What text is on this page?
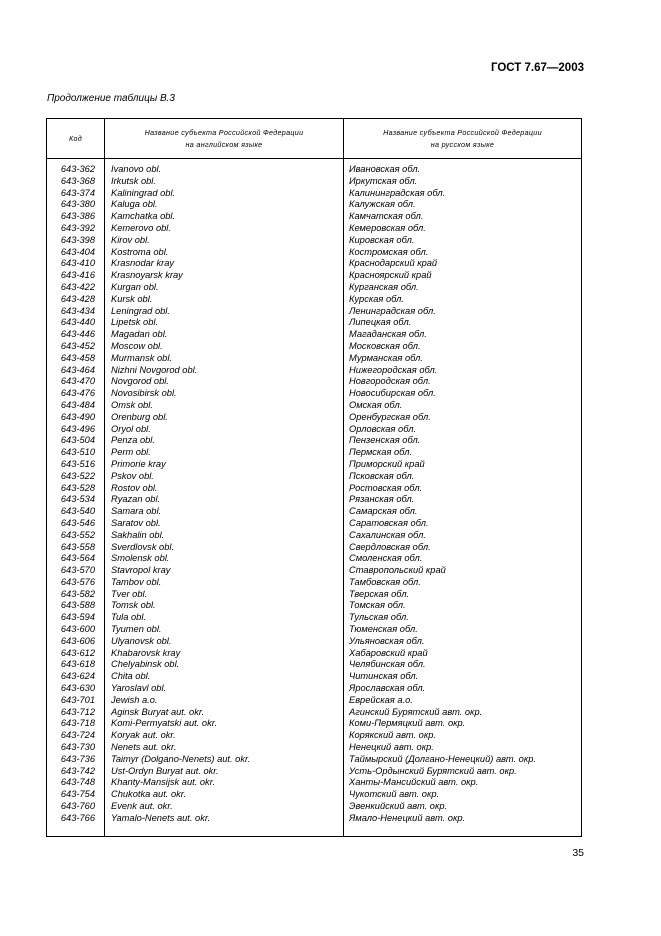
ГОСТ 7.67—2003
Продолжение таблицы В.3
Код
Название субъекта Российской Федерации
на английском языке
Название субъекта Российской Федерации
на русском языке
643-362 Ivanovo obl.	Ивановская обл.
643-368 Irkutsk obl.	Иркутская обл.
643-374 Kaliningrad obl.	Калининградская обл.
643-380 Kaluga obl.	Калужская обл.
643-386 Kamchatka obl.	Камчатская обл.
643-392 Kemerovo obl.	Кемеровская обл.
643-398 Kirov obl.	Кировская обл.
643-404 Kostroma obl.	Костромская обл.
643-410 Krasnodar kray	Краснодарский край
643-416 Krasnoyarsk kray	Красноярский край
643-422 Kurgan obl.	Курганская обл.
643-428 Kursk obl.	Курская обл.
643-434 Leningrad obl.	Ленинградская обл.
643-440 Lipetsk obl.	Липецкая обл.
643-446 Magadan obl.	Магаданская обл.
643-452 Moscow obl.	Московская обл.
643-458 Murmansk obl.	Мурманская обл.
643-464 Nizhni Novgorod obl.	Нижегородская обл.
643-470 Novgorod obl.	Новгородская обл.
643-476 Novosibirsk obl.	Новосибирская обл.
643-484 Omsk obl.	Омская обл.
643-490 Orenburg obl.	Оренбургская обл.
643-496 Oryol obl.	Орловская обл.
643-504 Penza obl.	Пензенская обл.
643-510 Perm obl.	Пермская обл.
643-516 Primorie kray	Приморский край
643-522 Pskov obl.	Псковская обл.
643-528 Rostov obl.	Ростовская обл.
643-534 Ryazan obl.	Рязанская обл.
643-540 Samara obl.	Самарская обл.
643-546 Saratov obl.	Саратовская обл.
643-552 Sakhalin obl.	Сахалинская обл.
643-558 Sverdlovsk obl.	Свердловская обл.
643-564 Smolensk obl.	Смоленская обл.
643-570 Stavropol kray	Ставропольский край
643-576 Tambov obl.	Тамбовская обл.
643-582 Tver obl.	Тверская обл.
643-588 Tomsk obl.	Томская обл.
643-594 Tula obl.	Тульская обл.
643-600 Tyumen obl.	Тюменская обл.
643-606 Ulyanovsk obl.	Ульяновская обл.
643-612 Khabarovsk kray	Хабаровский край
643-618 Chelyabinsk obl.	Челябинская обл.
643-624 Chita obl.	Читинская обл.
643-630 Yaroslavl obl.	Ярославская обл.
643-701 Jewish a.o.	Еврейская а.о.
643-712 Aginsk Buryat aut. okr.	Агинский Бурятский авт. окр.
643-718 Komi-Permyatski aut. okr.	Коми-Пермяцкий авт. окр.
643-724 Koryak aut. okr.	Корякский авт. окр.
643-730 Nenets aut. okr.	Ненецкий авт. окр.
643-736 Taimyr (Dolgano-Nenets) aut. okr.	Таймырский (Долгано-Ненецкий) авт. окр.
643-742 Ust-Ordyn Buryat aut. okr.	Усть-Ордынский Бурятский авт. окр.
643-748 Khanty-Mansijsk aut. okr.	Ханты-Мансийский авт. окр.
643-754 Chukotka aut. okr.	Чукотский авт. окр.
643-760 Evenk aut. okr.	Эвенкийский авт. окр.
643-766 Yamalo-Nenets aut. okr.	Ямало-Ненецкий авт. окр.
35
